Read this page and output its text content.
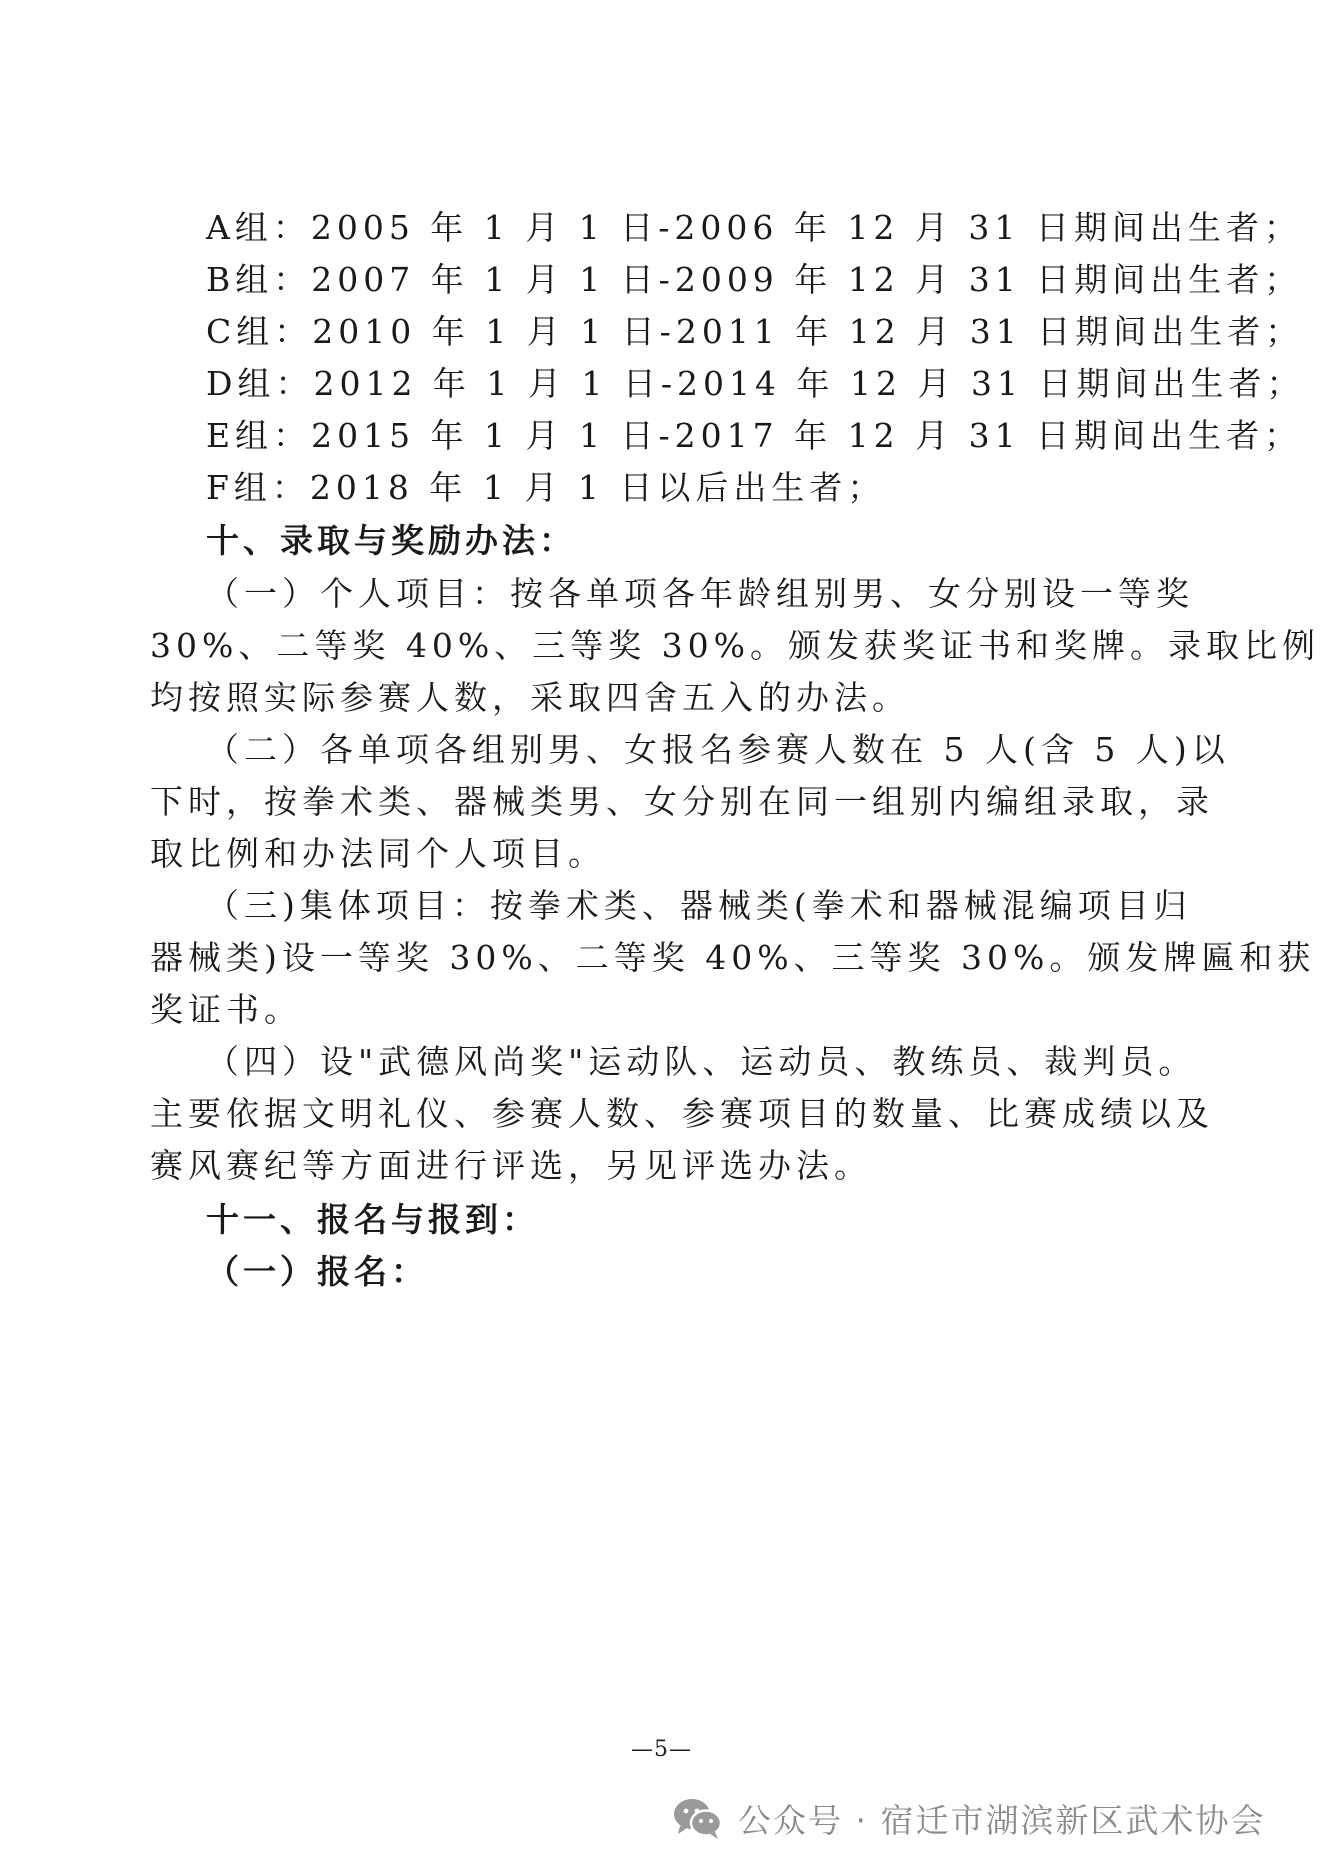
A组：2005 年 1 月 1 日-2006 年 12 月 31 日期间出生者；
B组：2007 年 1 月 1 日-2009 年 12 月 31 日期间出生者；
C组：2010 年 1 月 1 日-2011 年 12 月 31 日期间出生者；
D组：2012 年 1 月 1 日-2014 年 12 月 31 日期间出生者；
E组：2015 年 1 月 1 日-2017 年 12 月 31 日期间出生者；
F组：2018 年 1 月 1 日以后出生者；
十、录取与奖励办法：
（一）个人项目：按各单项各年龄组别男、女分别设一等奖
30%、二等奖 40%、三等奖 30%。颁发获奖证书和奖牌。录取比例
均按照实际参赛人数，采取四舍五入的办法。
（二）各单项各组别男、女报名参赛人数在 5 人(含 5 人)以
下时，按拳术类、器械类男、女分别在同一组别内编组录取，录
取比例和办法同个人项目。
（三)集体项目：按拳术类、器械类(拳术和器械混编项目归
器械类)设一等奖 30%、二等奖 40%、三等奖 30%。颁发牌匾和获
奖证书。
（四）设"武德风尚奖"运动队、运动员、教练员、裁判员。
主要依据文明礼仪、参赛人数、参赛项目的数量、比赛成绩以及
赛风赛纪等方面进行评选，另见评选办法。
十一、报名与报到：
（一）报名：
—5—
公众号 · 宿迁市湖滨新区武术协会
